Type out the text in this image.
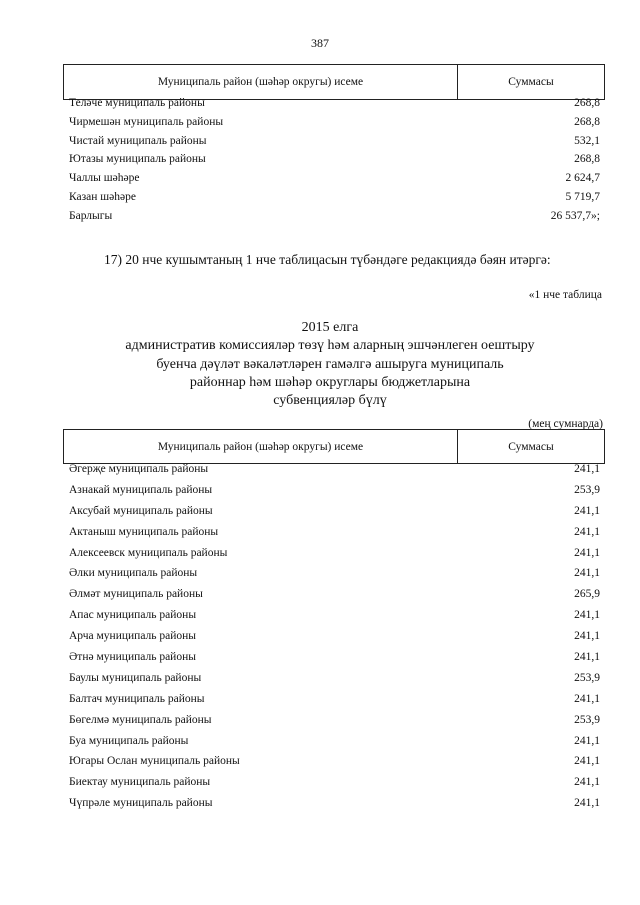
387
Муниципаль район (шәһәр округы) исеме	Суммасы
Теләче муниципаль районы	268,8
Чирмешән муниципаль районы	268,8
Чистай муниципаль районы	532,1
Ютазы муниципаль районы	268,8
Чаллы шәһәре	2 624,7
Казан шәһәре	5 719,7
Барлыгы	26 537,7»;
17) 20 нче кушымтаның 1 нче таблицасын түбәндәге редакциядә бәян итәргә:
«1 нче таблица
2015 елга
административ комиссияләр төзү һәм аларның эшчәнлеген оештыру
буенча дәүләт вәкаләтләрен гамәлгә ашыруга муниципаль
районнар һәм шәһәр округлары бюджетларына
субвенцияләр бүлү
(мең сумнарда)
Муниципаль район (шәһәр округы) исеме	Суммасы
Әгерҗе муниципаль районы	241,1
Азнакай муниципаль районы	253,9
Аксубай муниципаль районы	241,1
Актаныш муниципаль районы	241,1
Алексеевск муниципаль районы	241,1
Әлки муниципаль районы	241,1
Әлмәт муниципаль районы	265,9
Апас муниципаль районы	241,1
Арча муниципаль районы	241,1
Әтнә муниципаль районы	241,1
Баулы муниципаль районы	253,9
Балтач муниципаль районы	241,1
Бөгелмә муниципаль районы	253,9
Буа муниципаль районы	241,1
Югары Ослан муниципаль районы	241,1
Биектау муниципаль районы	241,1
Чүпрәле муниципаль районы	241,1
